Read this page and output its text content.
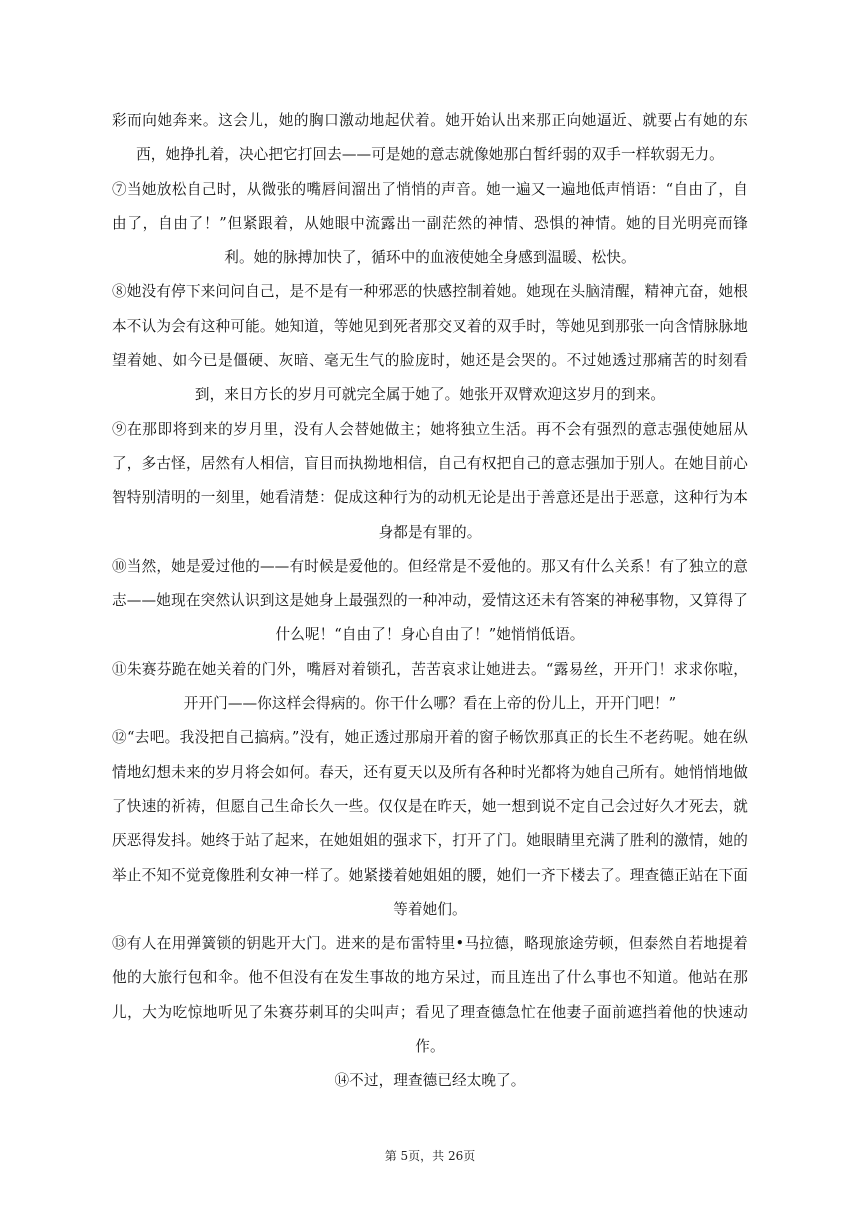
彩而向她奔来。这会儿，她的胸口激动地起伏着。她开始认出来那正向她逼近、就要占有她的东西，她挣扎着，决心把它打回去——可是她的意志就像她那白皙纤弱的双手一样软弱无力。

⑦当她放松自己时，从微张的嘴唇间溜出了悄悄的声音。她一遍又一遍地低声悄语：“自由了，自由了，自由了！”但紧跟着，从她眼中流露出一副茫然的神情、恐惧的神情。她的目光明亮而锋利。她的脉搏加快了，循环中的血液使她全身感到温暖、松快。

⑧她没有停下来问问自己，是不是有一种邪恶的快感控制着她。她现在头脑清醒，精神亢奋，她根本不认为会有这种可能。她知道，等她见到死者那交叉着的双手时，等她见到那张一向含情脉脉地望着她、如今已是僵硬、灰暗、毫无生气的脸庞时，她还是会哭的。不过她透过那痛苦的时刻看到，来日方长的岁月可就完全属于她了。她张开双臂欢迎这岁月的到来。

⑨在那即将到来的岁月里，没有人会替她做主；她将独立生活。再不会有强烈的意志强使她屈从了，多古怪，居然有人相信，盲目而执拗地相信，自己有权把自己的意志强加于别人。在她目前心智特别清明的一刻里，她看清楚：促成这种行为的动机无论是出于善意还是出于恶意，这种行为本身都是有罪的。

⑩当然，她是爱过他的——有时候是爱他的。但经常是不爱他的。那又有什么关系！有了独立的意志——她现在突然认识到这是她身上最强烈的一种冲动，爱情这还未有答案的神秘事物，又算得了什么呢！“自由了！身心自由了！”她悄悄低语。

⑪朱赛芬跪在她关着的门外，嘴唇对着锁孔，苦苦哀求让她进去。“露易丝，开开门！求求你啦，开开门——你这样会得病的。你干什么哪？看在上帝的份儿上，开开门吧！”

⑫“去吧。我没把自己搞病。”没有，她正透过那扇开着的窗子畅饮那真正的长生不老药呢。她在纵情地幻想未来的岁月将会如何。春天，还有夏天以及所有各种时光都将为她自己所有。她悄悄地做了快速的祈祷，但愿自己生命长久一些。仅仅是在昨天，她一想到说不定自己会过好久才死去，就厌恶得发抖。她终于站了起来，在她姐姐的强求下，打开了门。她眼睛里充满了胜利的激情，她的举止不知不觉竟像胜利女神一样了。她紧搂着她姐姐的腰，她们一齐下楼去了。理查德正站在下面等着她们。

⑬有人在用弹簧锁的钥匙开大门。进来的是布雷特里•马拉德，略现旅途劳顿，但泰然自若地提着他的大旅行包和伞。他不但没有在发生事故的地方呆过，而且连出了什么事也不知道。他站在那儿，大为吃惊地听见了朱赛芬刺耳的尖叫声；看见了理查德急忙在他妻子面前遮挡着他的快速动作。

⑭不过，理查德已经太晚了。

第 5页，共 26页
